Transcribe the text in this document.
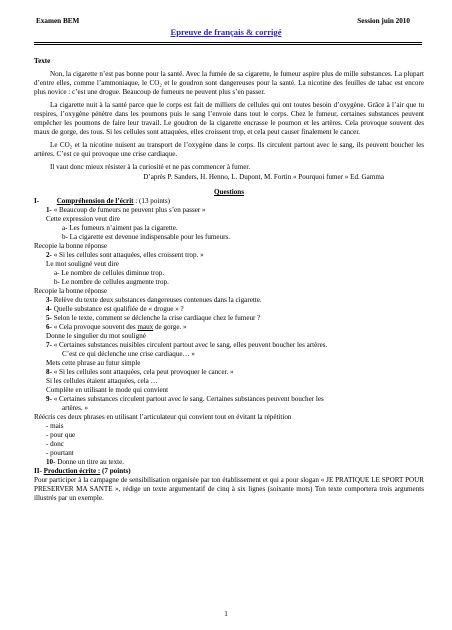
Examen BEM	Session juin 2010
Epreuve de français & corrigé

Texte

Non, la cigarette n’est pas bonne pour la santé. Avec la fumée de sa cigarette, le fumeur aspire plus de mille substances. La plupart d’entre elles, comme l’ammoniaque, le CO₂ et le goudron sont dangereuses pour la santé. La nicotine des feuilles de tabac est encore plus novice : c’est une drogue. Beaucoup de fumeurs ne peuvent plus s’en passer.

La cigarette nuit à la santé parce que le corps est fait de milliers de cellules qui ont toutes besoin d’oxygène. Grâce à l’air que tu respires, l’oxygène pénètre dans les poumons puis le sang l’envoie dans tout le corps. Chez le fumeur, certaines substances peuvent empêcher les poumons de faire leur travail. Le goudron de la cigarette encrasse le poumon et les artères. Cela provoque souvent des maux de gorge, des tous. Si les cellules sont attaquées, elles croissent trop, et cela peut causer finalement le cancer.

Le CO₂ et la nicotine nuisent au transport de l’oxygène dans le corps. Ils circulent partout avec le sang, ils peuvent boucher les artères. C’est ce qui provoque une crise cardiaque.

Il vaut donc mieux résister à la curiosité et ne pas commencer à fumer.

D’après P. Sanders, H. Henno, L. Dupont, M. Fortin « Pourquoi fumer » Ed. Gamma

Questions

I- Compréhension de l’écrit : (13 points)

1- « Beaucoup de fumeurs ne peuvent plus s’en passer »

Cette expression veut dire

a- Les fumeurs n’aiment pas la cigarette.

b- La cigarette est devenue indispensable pour les fumeurs.

Recopie la bonne réponse

2- « Si les cellules sont attaquées, elles croissent trop. »

Le mot souligné veut dire

a- Le nombre de cellules diminue trop.

b- Le nombre de cellules augmente trop.

Recopie la bonne réponse

3- Relève du texte deux substances dangereuses contenues dans la cigarette.

4- Quelle substance est qualifiée de « drogue » ?

5- Selon le texte, comment se déclenche la crise cardiaque chez le fumeur ?

6- « Cela provoque souvent des maux de gorge. »

Donne le singulier du mot souligné

7- « Certaines substances nuisibles circulent partout avec le sang, elles peuvent boucher les artères.

C’est ce qui déclenche une crise cardiaque… »

Mets cette phrase au futur simple

8- « Si les cellules sont attaquées, cela peut provoquer le cancer. »

Si les cellules étaient attaquées, cela …

Complète en utilisant le mode qui convient

9- « Certaines substances circulent partout avec le sang. Certaines substances peuvent boucher les

artères. »

Réécris ces deux phrases en utilisant l’articulateur qui convient tout en évitant la répétition

- mais

- pour que

- donc

- pourtant

10- Donne un titre au texte.

II- Production écrite : (7 points)

Pour participer à la campagne de sensibilisation organisée par ton établissement et qui a pour slogan « JE PRATIQUE LE SPORT POUR PRESERVER MA SANTE », rédige un texte argumentatif de cinq à six lignes (soixante mots) Ton texte comportera trois arguments illustrés par un exemple.

1
